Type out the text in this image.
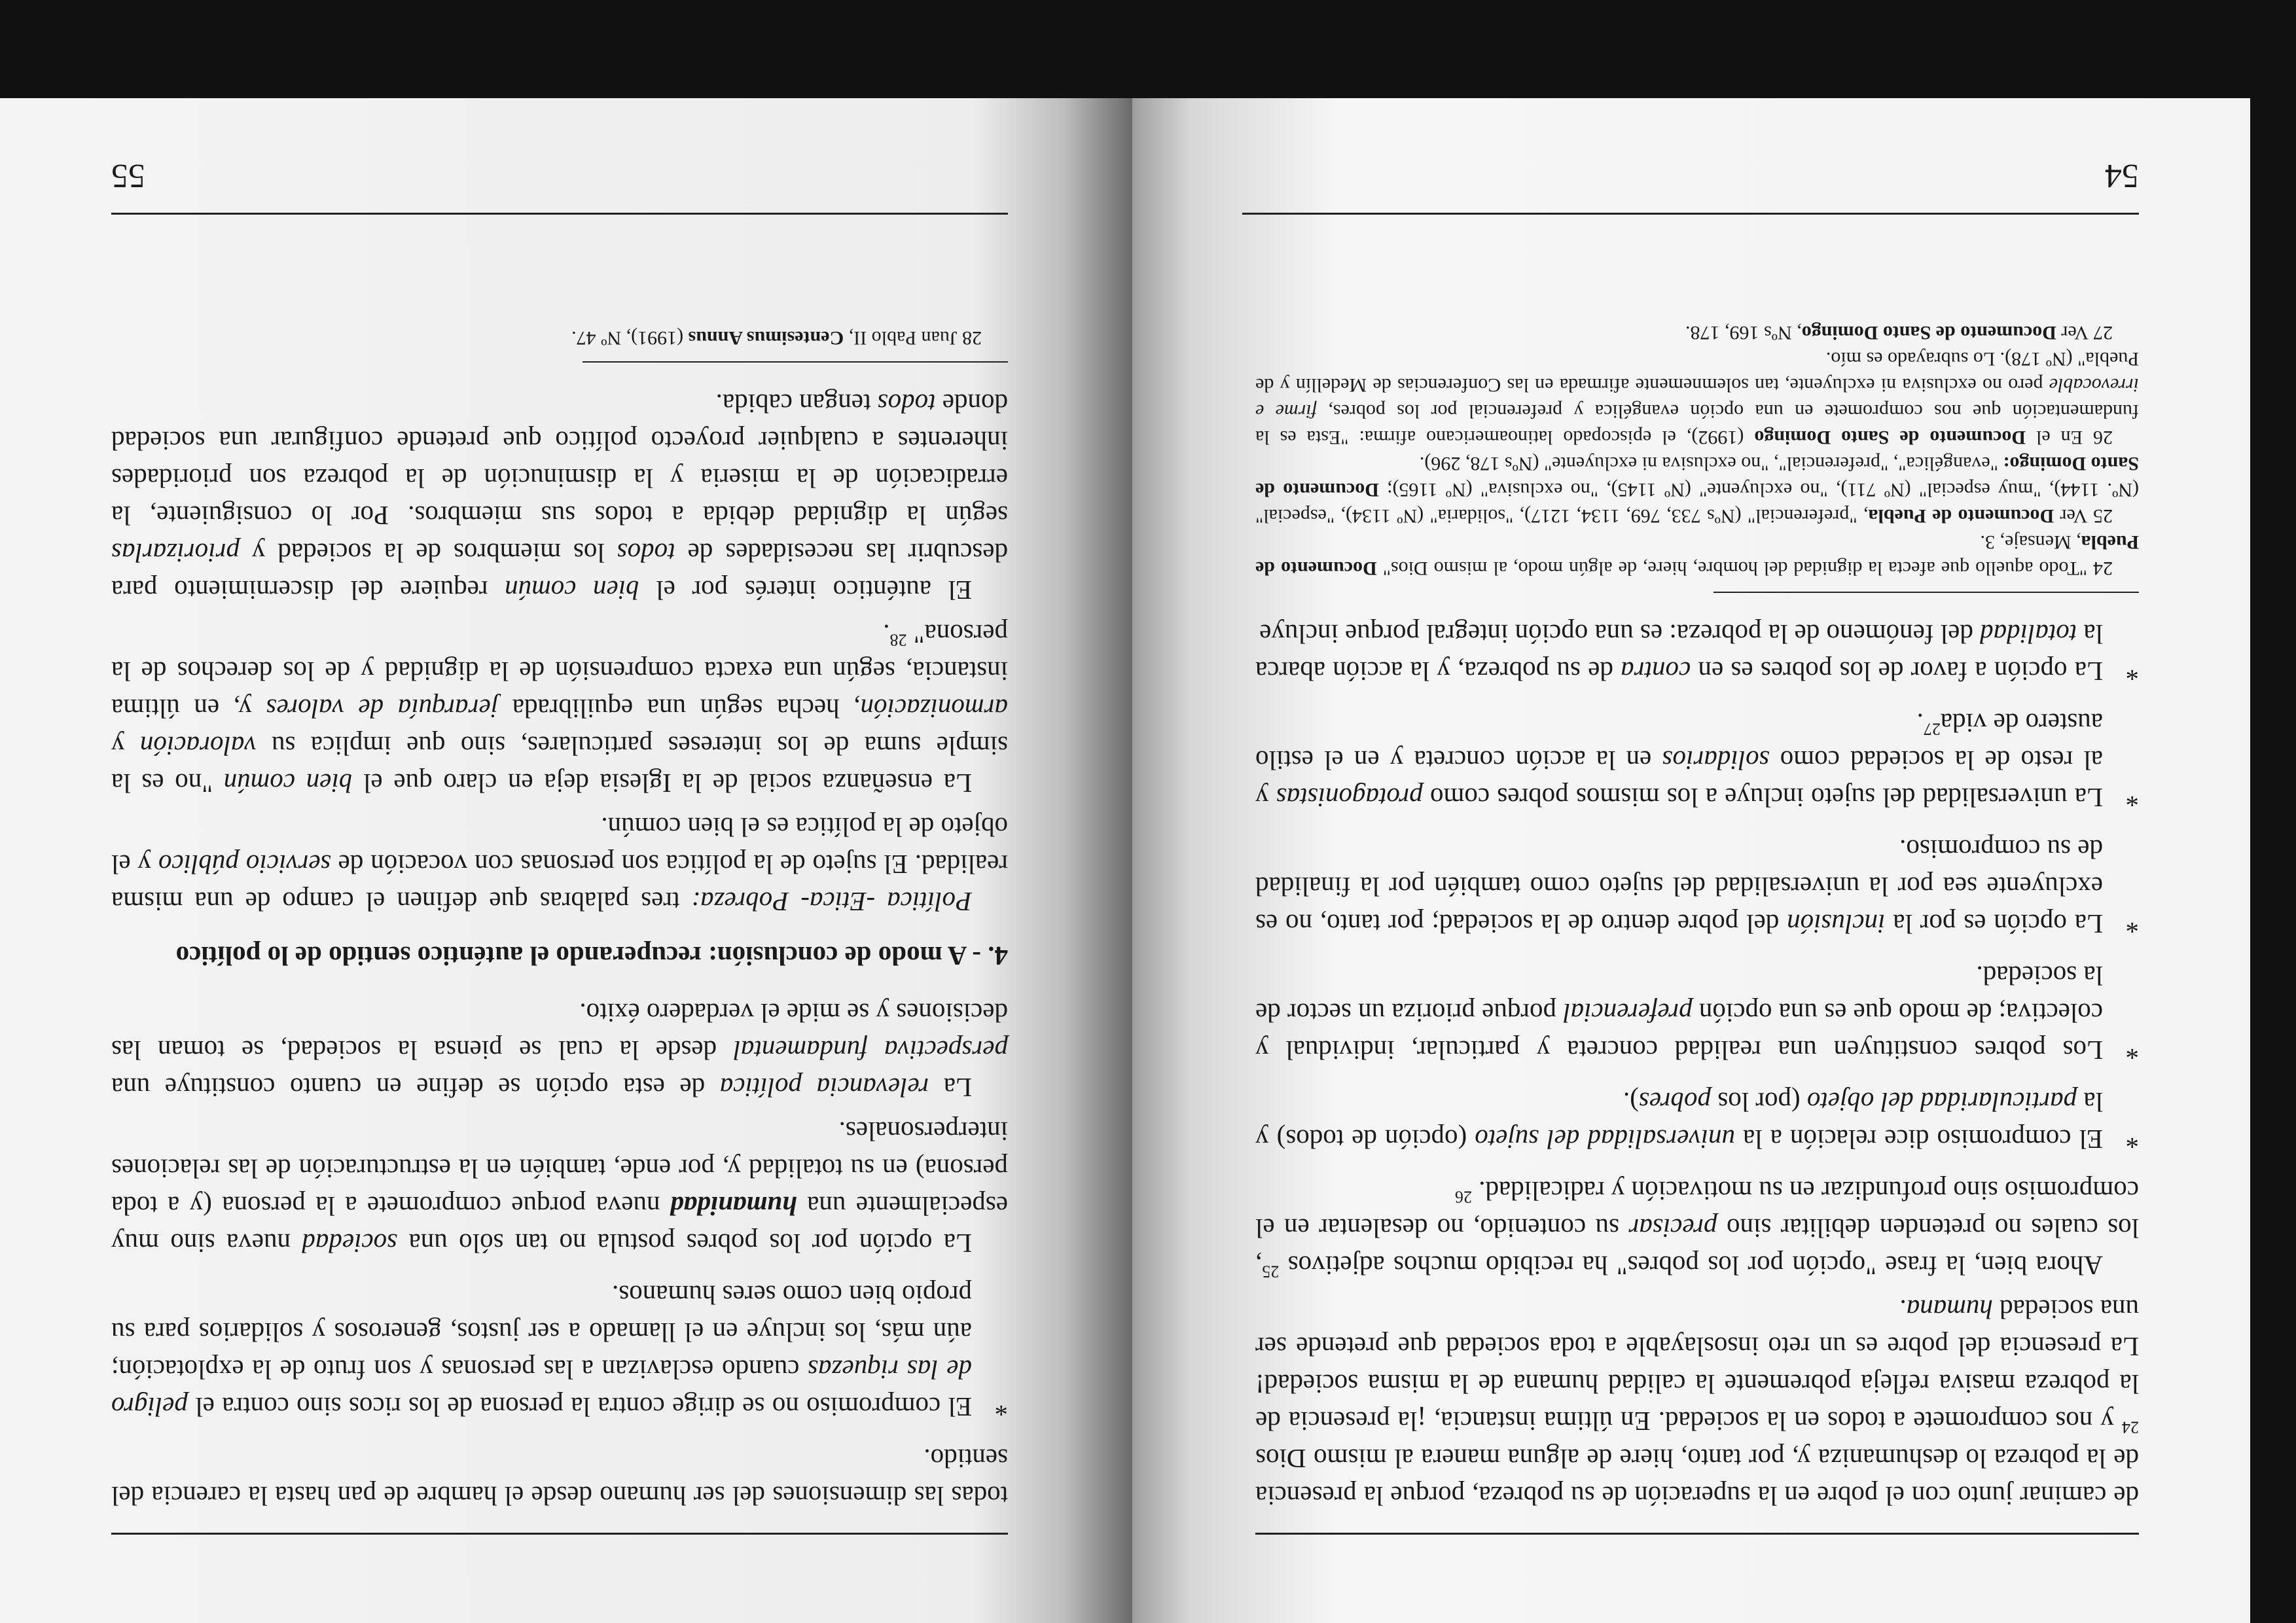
de caminar junto con el pobre en la superación de su pobreza, porque la presencia de la pobreza lo deshumaniza y, por tanto, hiere de alguna manera al mismo Dios $^{24}$ y nos compromete a todos en la sociedad. En última instancia, ¡la presencia de la pobreza masiva refleja pobremente la calidad humana de la misma sociedad! La presencia del pobre es un reto insoslayable a toda sociedad que pretende ser una sociedad humana.

Ahora bien, la frase "opción por los pobres" ha recibido muchos adjetivos $^{25}$, los cuales no pretenden debilitar sino precisar su contenido, no desalentar en el compromiso sino profundizar en su motivación y radicalidad. $^{26}$

*El compromiso dice relación a la universalidad del sujeto (opción de todos) y la particularidad del objeto (por los pobres).

*Los pobres constituyen una realidad concreta y particular, individual y colectiva; de modo que es una opción preferencial porque prioriza un sector de la sociedad.

*La opción es por la inclusión del pobre dentro de la sociedad; por tanto, no es excluyente sea por la universalidad del sujeto como también por la finalidad de su compromiso.

*La universalidad del sujeto incluye a los mismos pobres como protagonistas y al resto de la sociedad como solidarios en la acción concreta y en el estilo austero de vida$^{27}$.

*La opción a favor de los pobres es en contra de su pobreza, y la acción abarca la totalidad del fenómeno de la pobreza: es una opción integral porque incluye

24 "Todo aquello que afecta la dignidad del hombre, hiere, de algún modo, al mismo Dios" Documento de Puebla, Mensaje, 3.

25 Ver Documento de Puebla, "preferencial" (Nºs 733, 769, 1134, 1217), "solidaria" (Nº 1134), "especial" (Nº. 1144), "muy especial" (Nº 711), "no excluyente" (Nº 1145), "no exclusiva" (Nº 1165); Documento de Santo Domingo: "evangélica", "preferencial", "no exclusiva ni excluyente" (Nºs 178, 296).

26 En el Documento de Santo Domingo (1992), el episcopado latinoamericano afirma: "Esta es la fundamentación que nos compromete en una opción evangélica y preferencial por los pobres, firme e irrevocable pero no exclusiva ni excluyente, tan solemnemente afirmada en las Conferencias de Medellín y de Puebla" (Nº 178). Lo subrayado es mío.

27 Ver Documento de Santo Domingo, Nºs 169, 178.

54

todas las dimensiones del ser humano desde el hambre de pan hasta la carencia del sentido.

*El compromiso no se dirige contra la persona de los ricos sino contra el peligro de las riquezas cuando esclavizan a las personas y son fruto de la explotación; aún más, los incluye en el llamado a ser justos, generosos y solidarios para su propio bien como seres humanos.

La opción por los pobres postula no tan sólo una sociedad nueva sino muy especialmente una humanidad nueva porque compromete a la persona (y a toda persona) en su totalidad y, por ende, también en la estructuración de las relaciones interpersonales.

La relevancia política de esta opción se define en cuanto constituye una perspectiva fundamental desde la cual se piensa la sociedad, se toman las decisiones y se mide el verdadero éxito.

4. - A modo de conclusión: recuperando el auténtico sentido de lo político

Política -Etica- Pobreza: tres palabras que definen el campo de una misma realidad. El sujeto de la política son personas con vocación de servicio público y el objeto de la política es el bien común.

La enseñanza social de la Iglesia deja en claro que el bien común "no es la simple suma de los intereses particulares, sino que implica su valoración y armonización, hecha según una equilibrada jerarquía de valores y, en última instancia, según una exacta comprensión de la dignidad y de los derechos de la persona" $^{28}$.

El auténtico interés por el bien común requiere del discernimiento para descubrir las necesidades de todos los miembros de la sociedad y priorizarlas según la dignidad debida a todos sus miembros. Por lo consiguiente, la erradicación de la miseria y la disminución de la pobreza son prioridades inherentes a cualquier proyecto político que pretende configurar una sociedad donde todos tengan cabida.

28 Juan Pablo II, Centesimus Annus (1991), Nº 47.

55
